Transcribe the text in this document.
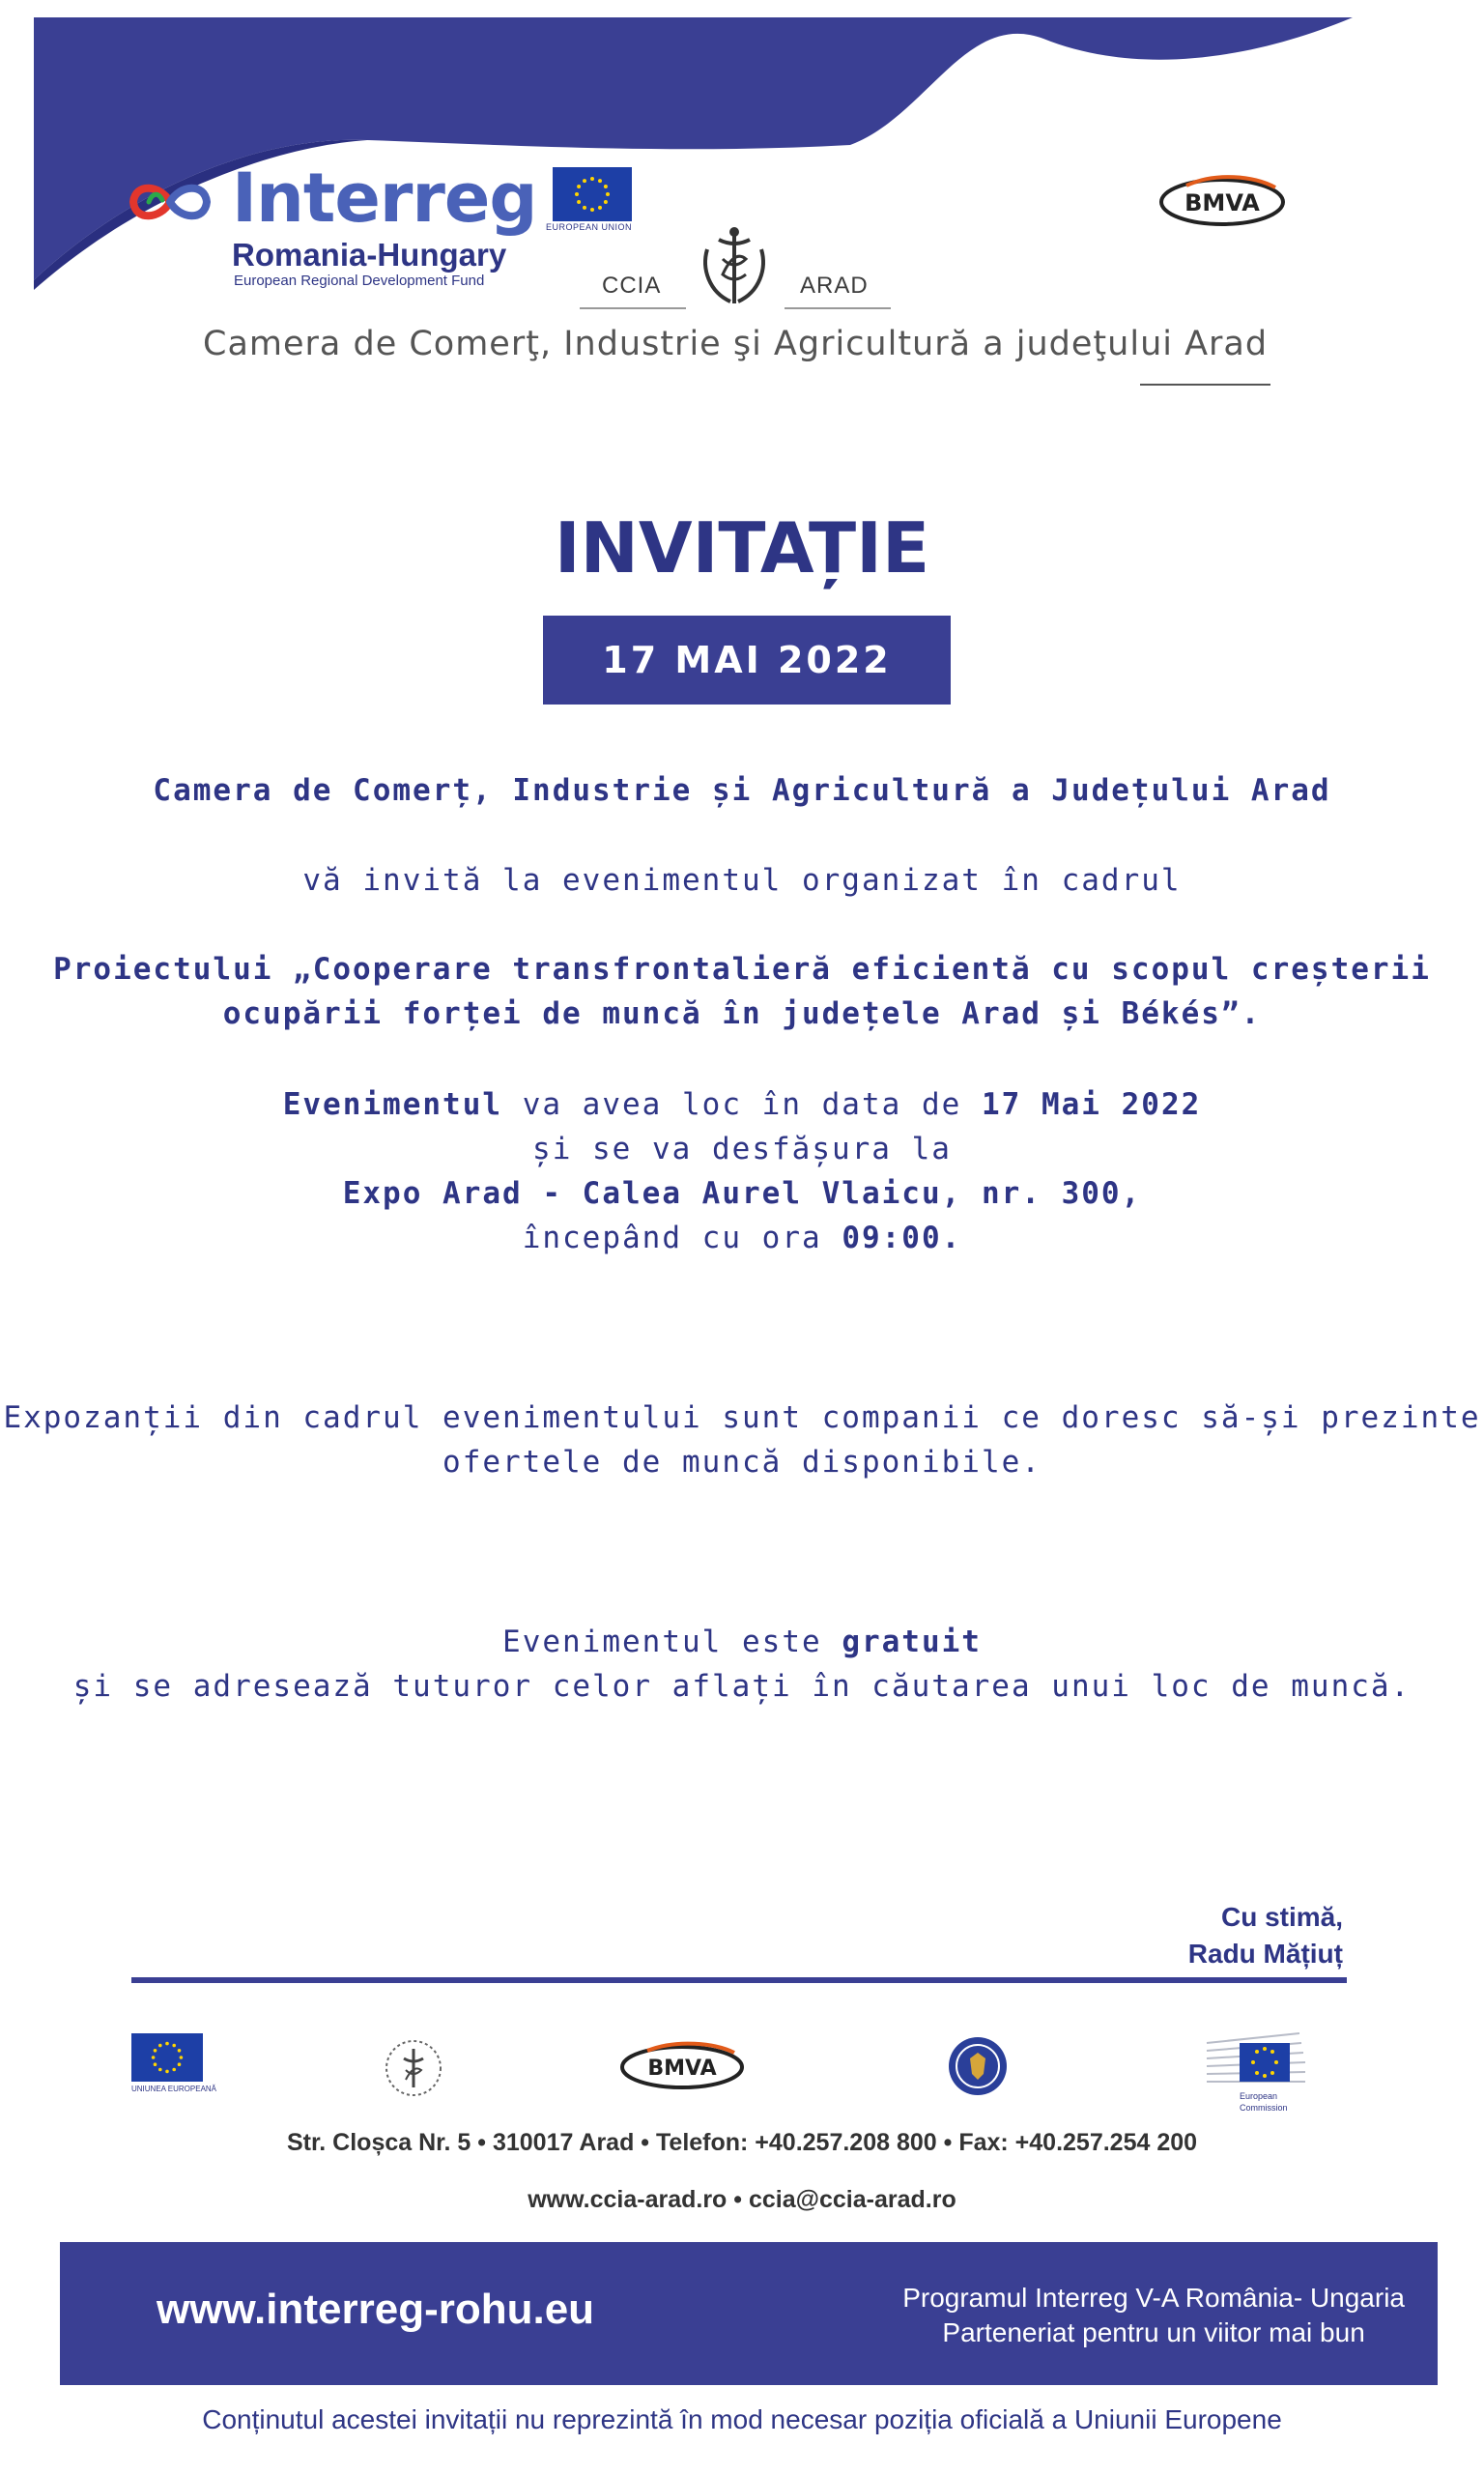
Interreg
Romania-Hungary
European Regional Development Fund
EUROPEAN UNION
BMVA
CCIA	ARAD
Camera de Comerţ, Industrie şi Agricultură a judeţului Arad
INVITAȚIE
17 MAI 2022
Camera de Comerț, Industrie și Agricultură a Județului Arad
vă invită la evenimentul organizat în cadrul
Proiectului „Cooperare transfrontalieră eficientă cu scopul creșterii
ocupării forței de muncă în județele Arad și Békés”.
Evenimentul va avea loc în data de 17 Mai 2022
și se va desfășura la
Expo Arad - Calea Aurel Vlaicu, nr. 300,
începând cu ora 09:00.
Expozanții din cadrul evenimentului sunt companii ce doresc să-și prezinte
ofertele de muncă disponibile.
Evenimentul este gratuit
și se adresează tuturor celor aflați în căutarea unui loc de muncă.
Cu stimă,
Radu Mățiuț
UNIUNEA EUROPEANĂ
BMVA
European
Commission
Str. Cloșca Nr. 5 • 310017 Arad • Telefon: +40.257.208 800 • Fax: +40.257.254 200
www.ccia-arad.ro • ccia@ccia-arad.ro
www.interreg-rohu.eu	Programul Interreg V-A România- Ungaria
Parteneriat pentru un viitor mai bun
Conținutul acestei invitații nu reprezintă în mod necesar poziția oficială a Uniunii Europene
